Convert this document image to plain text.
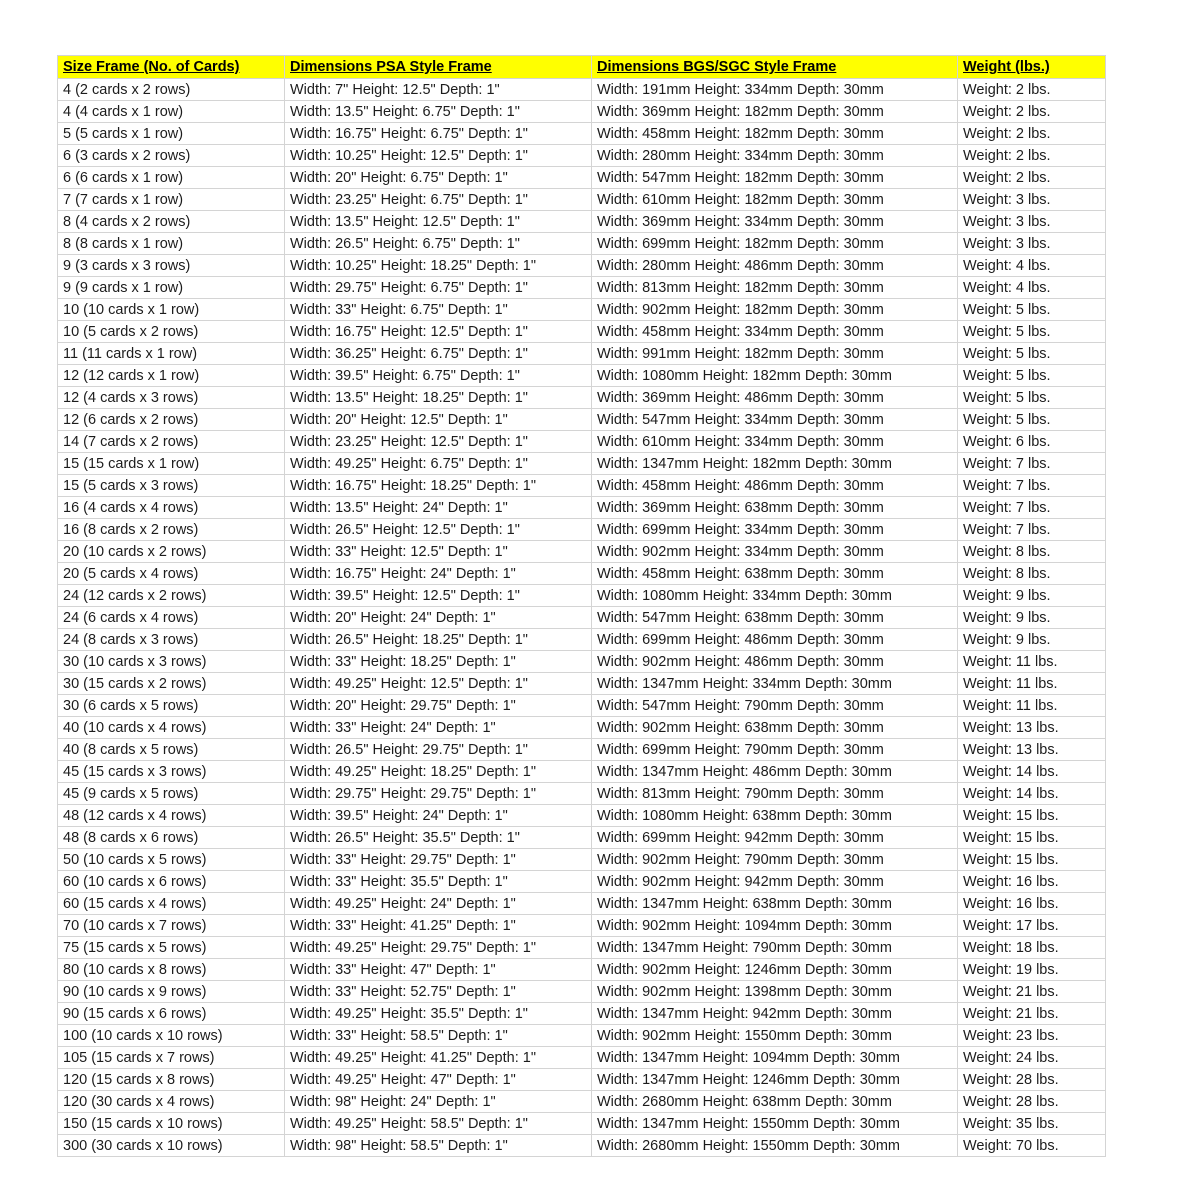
Size Frame (No. of Cards)	Dimensions PSA Style Frame	Dimensions BGS/SGC Style Frame	Weight (lbs.)
4 (2 cards x 2 rows)	Width: 7" Height: 12.5" Depth: 1"	Width: 191mm Height: 334mm Depth: 30mm	Weight: 2 lbs.
4 (4 cards x 1 row)	Width: 13.5" Height: 6.75" Depth: 1"	Width: 369mm Height: 182mm Depth: 30mm	Weight: 2 lbs.
5 (5 cards x 1 row)	Width: 16.75" Height: 6.75" Depth: 1"	Width: 458mm Height: 182mm Depth: 30mm	Weight: 2 lbs.
6 (3 cards x 2 rows)	Width: 10.25" Height: 12.5" Depth: 1"	Width: 280mm Height: 334mm Depth: 30mm	Weight: 2 lbs.
6 (6 cards x 1 row)	Width: 20" Height: 6.75" Depth: 1"	Width: 547mm Height: 182mm Depth: 30mm	Weight: 2 lbs.
7 (7 cards x 1 row)	Width: 23.25" Height: 6.75" Depth: 1"	Width: 610mm Height: 182mm Depth: 30mm	Weight: 3 lbs.
8 (4 cards x 2 rows)	Width: 13.5" Height: 12.5" Depth: 1"	Width: 369mm Height: 334mm Depth: 30mm	Weight: 3 lbs.
8 (8 cards x 1 row)	Width: 26.5" Height: 6.75" Depth: 1"	Width: 699mm Height: 182mm Depth: 30mm	Weight: 3 lbs.
9 (3 cards x 3 rows)	Width: 10.25" Height: 18.25" Depth: 1"	Width: 280mm Height: 486mm Depth: 30mm	Weight: 4 lbs.
9 (9 cards x 1 row)	Width: 29.75" Height: 6.75" Depth: 1"	Width: 813mm Height: 182mm Depth: 30mm	Weight: 4 lbs.
10 (10 cards x 1 row)	Width: 33" Height: 6.75" Depth: 1"	Width: 902mm Height: 182mm Depth: 30mm	Weight: 5 lbs.
10 (5 cards x 2 rows)	Width: 16.75" Height: 12.5" Depth: 1"	Width: 458mm Height: 334mm Depth: 30mm	Weight: 5 lbs.
11 (11 cards x 1 row)	Width: 36.25" Height: 6.75" Depth: 1"	Width: 991mm Height: 182mm Depth: 30mm	Weight: 5 lbs.
12 (12 cards x 1 row)	Width: 39.5" Height: 6.75" Depth: 1"	Width: 1080mm Height: 182mm Depth: 30mm	Weight: 5 lbs.
12 (4 cards x 3 rows)	Width: 13.5" Height: 18.25" Depth: 1"	Width: 369mm Height: 486mm Depth: 30mm	Weight: 5 lbs.
12 (6 cards x 2 rows)	Width: 20" Height: 12.5" Depth: 1"	Width: 547mm Height: 334mm Depth: 30mm	Weight: 5 lbs.
14 (7 cards x 2 rows)	Width: 23.25" Height: 12.5" Depth: 1"	Width: 610mm Height: 334mm Depth: 30mm	Weight: 6 lbs.
15 (15 cards x 1 row)	Width: 49.25" Height: 6.75" Depth: 1"	Width: 1347mm Height: 182mm Depth: 30mm	Weight: 7 lbs.
15 (5 cards x 3 rows)	Width: 16.75" Height: 18.25" Depth: 1"	Width: 458mm Height: 486mm Depth: 30mm	Weight: 7 lbs.
16 (4 cards x 4 rows)	Width: 13.5" Height: 24" Depth: 1"	Width: 369mm Height: 638mm Depth: 30mm	Weight: 7 lbs.
16 (8 cards x 2 rows)	Width: 26.5" Height: 12.5" Depth: 1"	Width: 699mm Height: 334mm Depth: 30mm	Weight: 7 lbs.
20 (10 cards x 2 rows)	Width: 33" Height: 12.5" Depth: 1"	Width: 902mm Height: 334mm Depth: 30mm	Weight: 8 lbs.
20 (5 cards x 4 rows)	Width: 16.75" Height: 24" Depth: 1"	Width: 458mm Height: 638mm Depth: 30mm	Weight: 8 lbs.
24 (12 cards x 2 rows)	Width: 39.5" Height: 12.5" Depth: 1"	Width: 1080mm Height: 334mm Depth: 30mm	Weight: 9 lbs.
24 (6 cards x 4 rows)	Width: 20" Height: 24" Depth: 1"	Width: 547mm Height: 638mm Depth: 30mm	Weight: 9 lbs.
24 (8 cards x 3 rows)	Width: 26.5" Height: 18.25" Depth: 1"	Width: 699mm Height: 486mm Depth: 30mm	Weight: 9 lbs.
30 (10 cards x 3 rows)	Width: 33" Height: 18.25" Depth: 1"	Width: 902mm Height: 486mm Depth: 30mm	Weight: 11 lbs.
30 (15 cards x 2 rows)	Width: 49.25" Height: 12.5" Depth: 1"	Width: 1347mm Height: 334mm Depth: 30mm	Weight: 11 lbs.
30 (6 cards x 5 rows)	Width: 20" Height: 29.75" Depth: 1"	Width: 547mm Height: 790mm Depth: 30mm	Weight: 11 lbs.
40 (10 cards x 4 rows)	Width: 33" Height: 24" Depth: 1"	Width: 902mm Height: 638mm Depth: 30mm	Weight: 13 lbs.
40 (8 cards x 5 rows)	Width: 26.5" Height: 29.75" Depth: 1"	Width: 699mm Height: 790mm Depth: 30mm	Weight: 13 lbs.
45 (15 cards x 3 rows)	Width: 49.25" Height: 18.25" Depth: 1"	Width: 1347mm Height: 486mm Depth: 30mm	Weight: 14 lbs.
45 (9 cards x 5 rows)	Width: 29.75" Height: 29.75" Depth: 1"	Width: 813mm Height: 790mm Depth: 30mm	Weight: 14 lbs.
48 (12 cards x 4 rows)	Width: 39.5" Height: 24" Depth: 1"	Width: 1080mm Height: 638mm Depth: 30mm	Weight: 15 lbs.
48 (8 cards x 6 rows)	Width: 26.5" Height: 35.5" Depth: 1"	Width: 699mm Height: 942mm Depth: 30mm	Weight: 15 lbs.
50 (10 cards x 5 rows)	Width: 33" Height: 29.75" Depth: 1"	Width: 902mm Height: 790mm Depth: 30mm	Weight: 15 lbs.
60 (10 cards x 6 rows)	Width: 33" Height: 35.5" Depth: 1"	Width: 902mm Height: 942mm Depth: 30mm	Weight: 16 lbs.
60 (15 cards x 4 rows)	Width: 49.25" Height: 24" Depth: 1"	Width: 1347mm Height: 638mm Depth: 30mm	Weight: 16 lbs.
70 (10 cards x 7 rows)	Width: 33" Height: 41.25" Depth: 1"	Width: 902mm Height: 1094mm Depth: 30mm	Weight: 17 lbs.
75 (15 cards x 5 rows)	Width: 49.25" Height: 29.75" Depth: 1"	Width: 1347mm Height: 790mm Depth: 30mm	Weight: 18 lbs.
80 (10 cards x 8 rows)	Width: 33" Height: 47" Depth: 1"	Width: 902mm Height: 1246mm Depth: 30mm	Weight: 19 lbs.
90 (10 cards x 9 rows)	Width: 33" Height: 52.75" Depth: 1"	Width: 902mm Height: 1398mm Depth: 30mm	Weight: 21 lbs.
90 (15 cards x 6 rows)	Width: 49.25" Height: 35.5" Depth: 1"	Width: 1347mm Height: 942mm Depth: 30mm	Weight: 21 lbs.
100 (10 cards x 10 rows)	Width: 33" Height: 58.5" Depth: 1"	Width: 902mm Height: 1550mm Depth: 30mm	Weight: 23 lbs.
105 (15 cards x 7 rows)	Width: 49.25" Height: 41.25" Depth: 1"	Width: 1347mm Height: 1094mm Depth: 30mm	Weight: 24 lbs.
120 (15 cards x 8 rows)	Width: 49.25" Height: 47" Depth: 1"	Width: 1347mm Height: 1246mm Depth: 30mm	Weight: 28 lbs.
120 (30 cards x 4 rows)	Width: 98" Height: 24" Depth: 1"	Width: 2680mm Height: 638mm Depth: 30mm	Weight: 28 lbs.
150 (15 cards x 10 rows)	Width: 49.25" Height: 58.5" Depth: 1"	Width: 1347mm Height: 1550mm Depth: 30mm	Weight: 35 lbs.
300 (30 cards x 10 rows)	Width: 98" Height: 58.5" Depth: 1"	Width: 2680mm Height: 1550mm Depth: 30mm	Weight: 70 lbs.
